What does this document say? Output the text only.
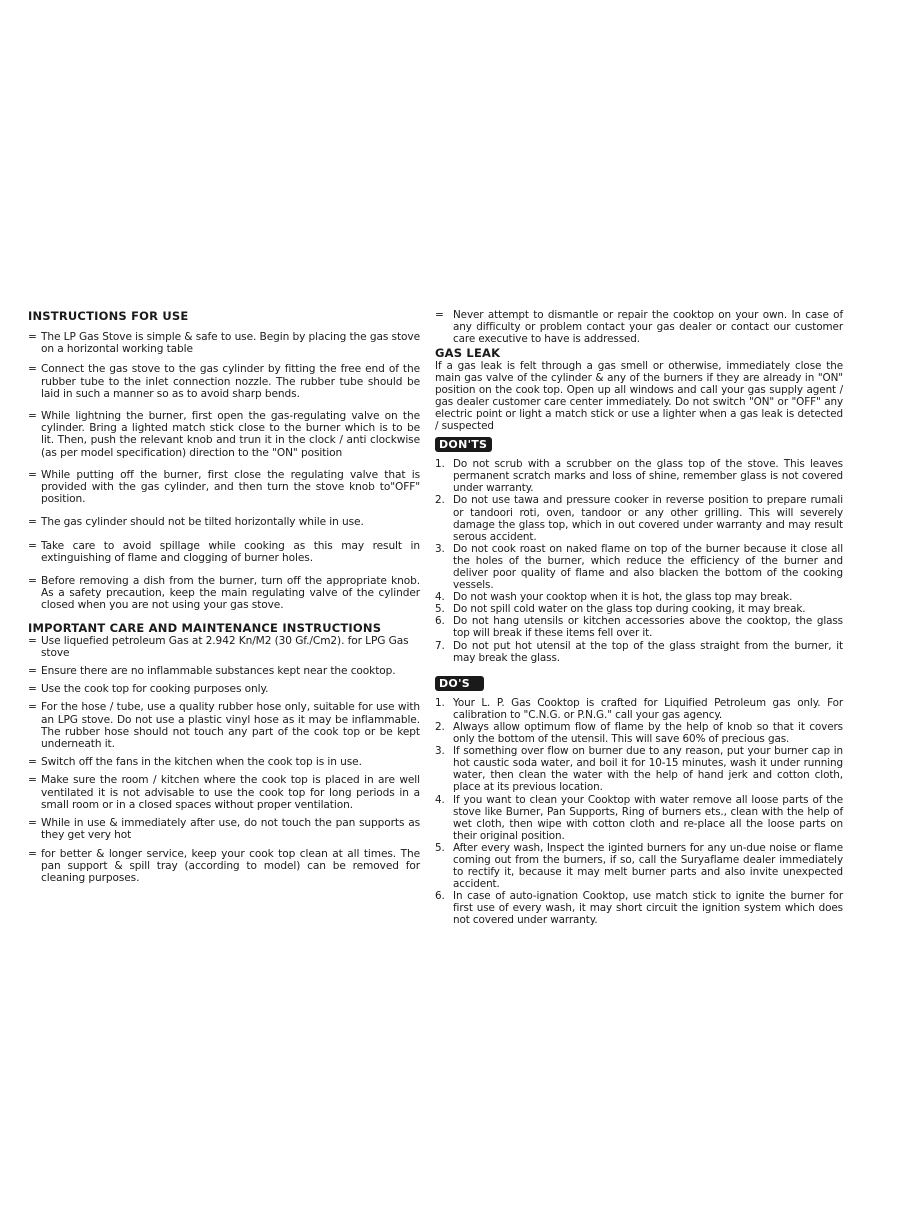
INSTRUCTIONS FOR USE
= The LP Gas Stove is simple & safe to use. Begin by placing the gas stove on a horizontal working table
= Connect the gas stove to the gas cylinder by fitting the free end of the rubber tube to the inlet connection nozzle. The rubber tube should be laid in such a manner so as to avoid sharp bends.
= While lightning the burner, first open the gas-regulating valve on the cylinder. Bring a lighted match stick close to the burner which is to be lit. Then, push the relevant knob and trun it in the clock / anti clockwise (as per model specification) direction to the "ON" position
= While putting off the burner, first close the regulating valve that is provided with the gas cylinder, and then turn the stove knob to"OFF" position.
= The gas cylinder should not be tilted horizontally while in use.
= Take care to avoid spillage while cooking as this may result in extinguishing of flame and clogging of burner holes.
= Before removing a dish from the burner, turn off the appropriate knob. As a safety precaution, keep the main regulating valve of the cylinder closed when you are not using your gas stove.
IMPORTANT CARE AND MAINTENANCE INSTRUCTIONS
= Use liquefied petroleum Gas at 2.942 Kn/M2 (30 Gf./Cm2). for LPG Gas stove
= Ensure there are no inflammable substances kept near the cooktop.
= Use the cook top for cooking purposes only.
= For the hose / tube, use a quality rubber hose only, suitable for use with an LPG stove. Do not use a plastic vinyl hose as it may be inflammable. The rubber hose should not touch any part of the cook top or be kept underneath it.
= Switch off the fans in the kitchen when the cook top is in use.
= Make sure the room / kitchen where the cook top is placed in are well ventilated it is not advisable to use the cook top for long periods in a small room or in a closed spaces without proper ventilation.
= While in use & immediately after use, do not touch the pan supports as they get very hot
= for better & longer service, keep your cook top clean at all times. The pan support & spill tray (according to model) can be removed for cleaning purposes.
= Never attempt to dismantle or repair the cooktop on your own. In case of any difficulty or problem contact your gas dealer or contact our customer care executive to have is addressed.
GAS LEAK
If a gas leak is felt through a gas smell or otherwise, immediately close the main gas valve of the cylinder & any of the burners if they are already in "ON" position on the cook top. Open up all windows and call your gas supply agent / gas dealer customer care center immediately. Do not switch "ON" or "OFF" any electric point or light a match stick or use a lighter when a gas leak is detected / suspected
DON'TS
1. Do not scrub with a scrubber on the glass top of the stove. This leaves permanent scratch marks and loss of shine, remember glass is not covered under warranty.
2. Do not use tawa and pressure cooker in reverse position to prepare rumali or tandoori roti, oven, tandoor or any other grilling. This will severely damage the glass top, which in out covered under warranty and may result serous accident.
3. Do not cook roast on naked flame on top of the burner because it close all the holes of the burner, which reduce the efficiency of the burner and deliver poor quality of flame and also blacken the bottom of the cooking vessels.
4. Do not wash your cooktop when it is hot, the glass top may break.
5. Do not spill cold water on the glass top during cooking, it may break.
6. Do not hang utensils or kitchen accessories above the cooktop, the glass top will break if these items fell over it.
7. Do not put hot utensil at the top of the glass straight from the burner, it may break the glass.
DO'S
1. Your L. P. Gas Cooktop is crafted for Liquified Petroleum gas only. For calibration to "C.N.G. or P.N.G." call your gas agency.
2. Always allow optimum flow of flame by the help of knob so that it covers only the bottom of the utensil. This will save 60% of precious gas.
3. If something over flow on burner due to any reason, put your burner cap in hot caustic soda water, and boil it for 10-15 minutes, wash it under running water, then clean the water with the help of hand jerk and cotton cloth, place at its previous location.
4. If you want to clean your Cooktop with water remove all loose parts of the stove like Burner, Pan Supports, Ring of burners ets., clean with the help of wet cloth, then wipe with cotton cloth and re-place all the loose parts on their original position.
5. After every wash, Inspect the iginted burners for any un-due noise or flame coming out from the burners, if so, call the Suryaflame dealer immediately to rectify it, because it may melt burner parts and also invite unexpected accident.
6. In case of auto-ignation Cooktop, use match stick to ignite the burner for first use of every wash, it may short circuit the ignition system which does not covered under warranty.
